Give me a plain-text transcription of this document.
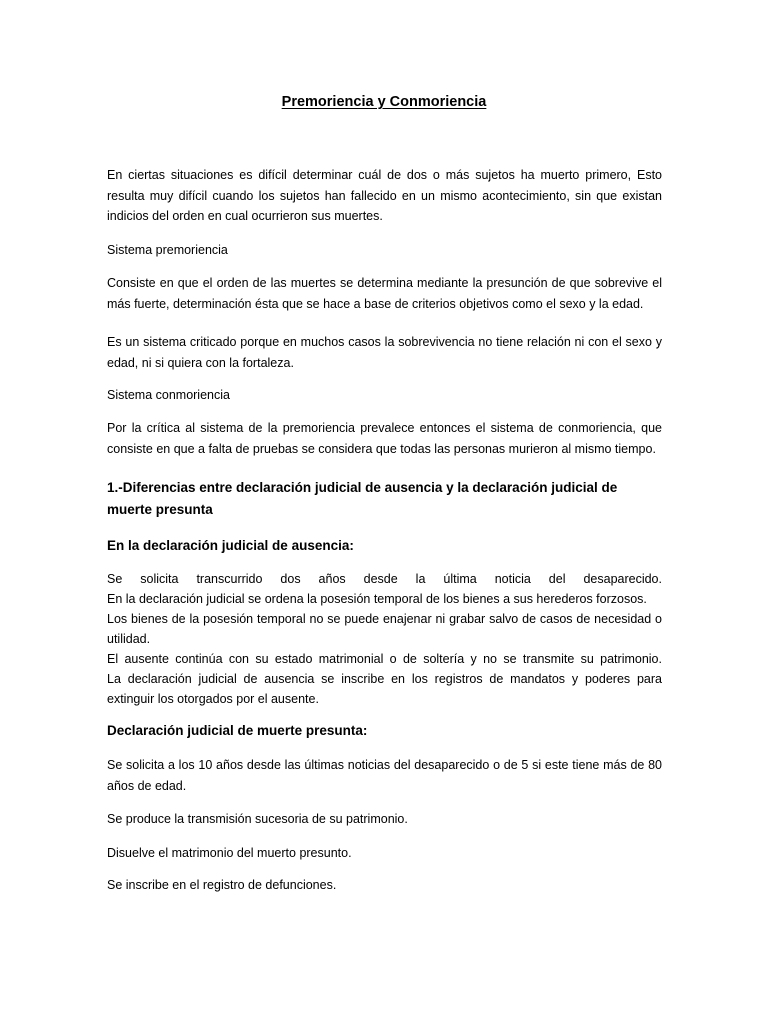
Premoriencia y Conmoriencia
En ciertas situaciones es difícil determinar cuál de dos o más sujetos ha muerto primero, Esto resulta muy difícil cuando los sujetos han fallecido en un mismo acontecimiento, sin que existan indicios del orden en cual ocurrieron sus muertes.
Sistema premoriencia
Consiste en que el orden de las muertes se determina mediante la presunción de que sobrevive el más fuerte, determinación ésta que se hace a base de criterios objetivos como el sexo y la edad.
Es un sistema criticado porque en muchos casos la sobrevivencia no tiene relación ni con el sexo y edad, ni si quiera con la fortaleza.
Sistema conmoriencia
Por la crítica al sistema de la premoriencia prevalece entonces el sistema de conmoriencia, que consiste en que a falta de pruebas se considera que todas las personas murieron al mismo tiempo.
1.-Diferencias entre declaración judicial de ausencia y la declaración judicial de muerte presunta
En la declaración judicial de ausencia:
Se solicita transcurrido dos años desde la última noticia del desaparecido.
En la declaración judicial se ordena la posesión temporal de los bienes a sus herederos forzosos.
Los bienes de la posesión temporal no se puede enajenar ni grabar salvo de casos de necesidad o utilidad.
El ausente continúa con su estado matrimonial o de soltería y no se transmite su patrimonio.
La declaración judicial de ausencia se inscribe en los registros de mandatos y poderes para extinguir los otorgados por el ausente.
Declaración judicial de muerte presunta:
Se solicita a los 10 años desde las últimas noticias del desaparecido o de 5 si este tiene más de 80 años de edad.
Se produce la transmisión sucesoria de su patrimonio.
Disuelve el matrimonio del muerto presunto.
Se inscribe en el registro de defunciones.
